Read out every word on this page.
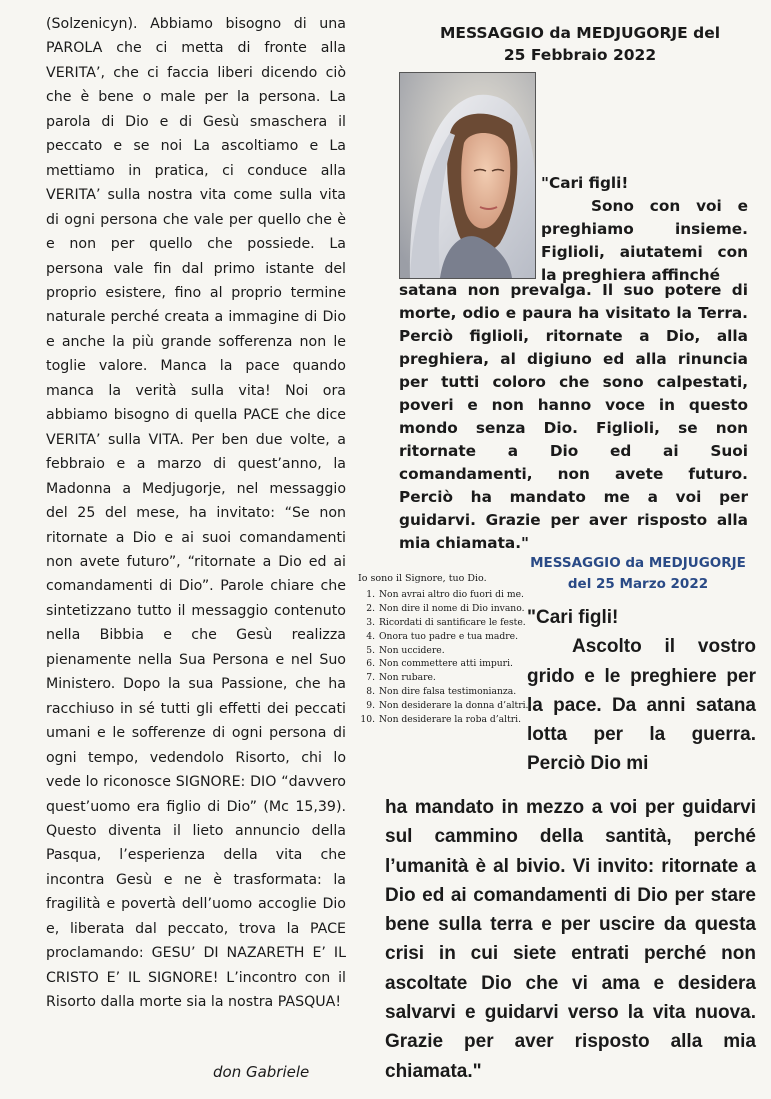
(Solzenicyn). Abbiamo bisogno di una PAROLA che ci metta di fronte alla VERITA’, che ci faccia liberi dicendo ciò che è bene o male per la persona. La parola di Dio e di Gesù smaschera il peccato e se noi La ascoltiamo e La mettiamo in pratica, ci conduce alla VERITA’ sulla nostra vita come sulla vita di ogni persona che vale per quello che è e non per quello che possiede. La persona vale fin dal primo istante del proprio esistere, fino al proprio termine naturale perché creata a immagine di Dio e anche la più grande sofferenza non le toglie valore. Manca la pace quando manca la verità sulla vita! Noi ora abbiamo bisogno di quella PACE che dice VERITA’ sulla VITA. Per ben due volte, a febbraio e a marzo di quest’anno, la Madonna a Medjugorje, nel messaggio del 25 del mese, ha invitato: “Se non ritornate a Dio e ai suoi comandamenti non avete futuro”, “ritornate a Dio ed ai comandamenti di Dio”. Parole chiare che sintetizzano tutto il messaggio contenuto nella Bibbia e che Gesù realizza pienamente nella Sua Persona e nel Suo Ministero. Dopo la sua Passione, che ha racchiuso in sé tutti gli effetti dei peccati umani e le sofferenze di ogni persona di ogni tempo, vedendolo Risorto, chi lo vede lo riconosce SIGNORE: DIO “davvero quest’uomo era figlio di Dio” (Mc 15,39). Questo diventa il lieto annuncio della Pasqua, l’esperienza della vita che incontra Gesù e ne è trasformata: la fragilità e povertà dell’uomo accoglie Dio e, liberata dal peccato, trova la PACE proclamando: GESU’ DI NAZARETH E’ IL CRISTO E’ IL SIGNORE! L’incontro con il Risorto dalla morte sia la nostra PASQUA!

don Gabriele
MESSAGGIO da MEDJUGORJE del
25 Febbraio 2022

"Cari figli!

Sono con voi e preghiamo insieme. Figlioli, aiutatemi con la preghiera affinché

satana non prevalga. Il suo potere di morte, odio e paura ha visitato la Terra. Perciò figlioli, ritornate a Dio, alla preghiera, al digiuno ed alla rinuncia per tutti coloro che sono calpestati, poveri e non hanno voce in questo mondo senza Dio. Figlioli, se non ritornate a Dio ed ai Suoi comandamenti, non avete futuro. Perciò ha mandato me a voi per guidarvi. Grazie per aver risposto alla mia chiamata."

MESSAGGIO da MEDJUGORJE
del 25 Marzo 2022

Io sono il Signore, tuo Dio.

1. Non avrai altro dio fuori di me.
2. Non dire il nome di Dio invano.
3. Ricordati di santificare le feste.
4. Onora tuo padre e tua madre.
5. Non uccidere.
6. Non commettere atti impuri.
7. Non rubare.
8. Non dire falsa testimonianza.
9. Non desiderare la donna d’altri.
10. Non desiderare la roba d’altri.

"Cari figli!

Ascolto il vostro grido e le preghiere per la pace. Da anni satana lotta per la guerra. Perciò Dio mi

ha mandato in mezzo a voi per guidarvi sul cammino della santità, perché l’umanità è al bivio. Vi invito: ritornate a Dio ed ai comandamenti di Dio per stare bene sulla terra e per uscire da questa crisi in cui siete entrati perché non ascoltate Dio che vi ama e desidera salvarvi e guidarvi verso la vita nuova. Grazie per aver risposto alla mia chiamata."
